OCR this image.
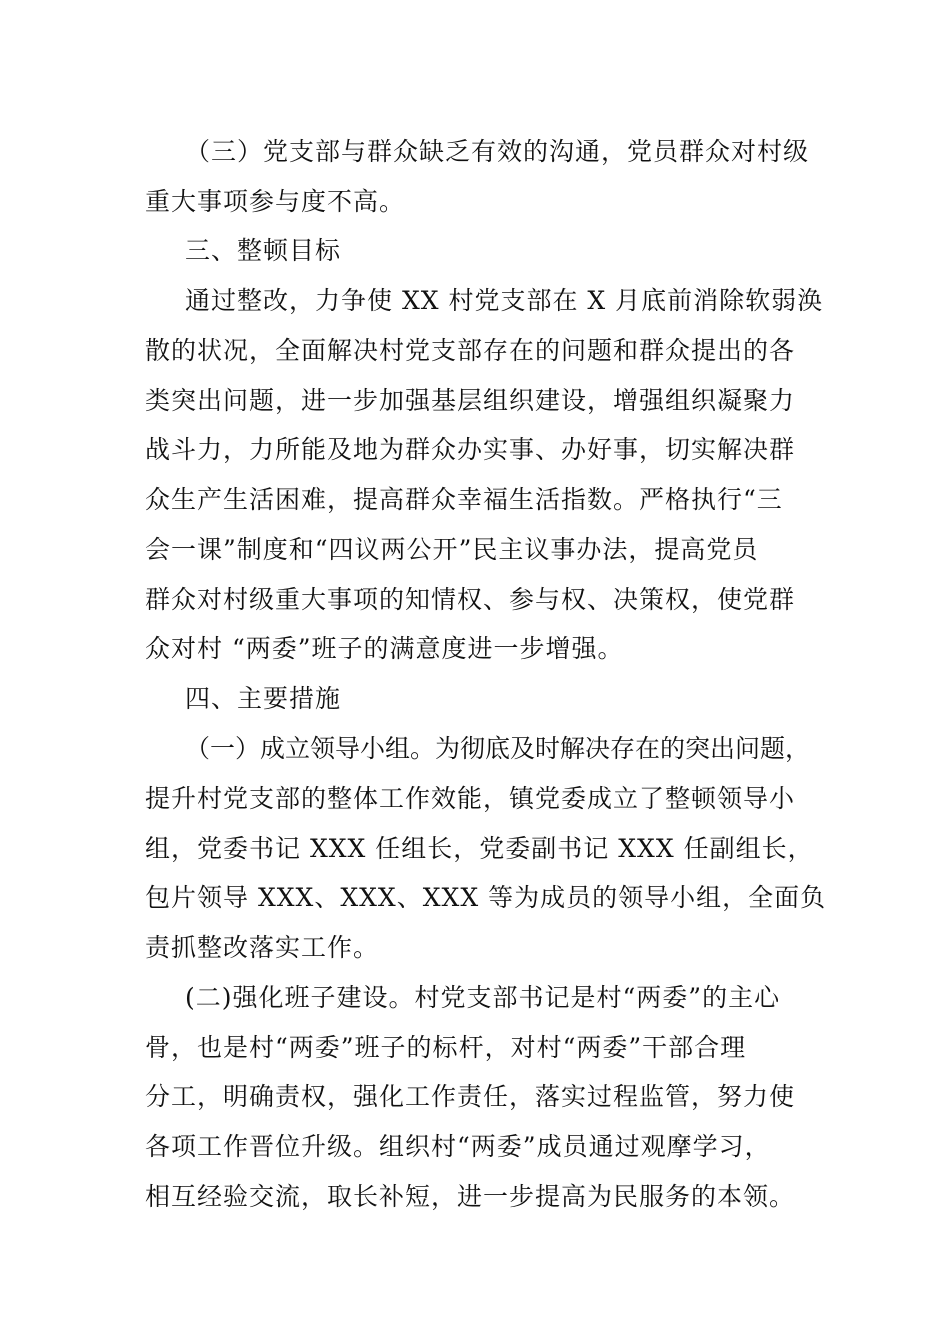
（三）党支部与群众缺乏有效的沟通，党员群众对村级
重大事项参与度不高。
三、整顿目标
通过整改，力争使 XX 村党支部在 X 月底前消除软弱涣
散的状况，全面解决村党支部存在的问题和群众提出的各
类突出问题，进一步加强基层组织建设，增强组织凝聚力
战斗力，力所能及地为群众办实事、办好事，切实解决群
众生产生活困难，提高群众幸福生活指数。严格执行“三
会一课”制度和“四议两公开”民主议事办法，提高党员
群众对村级重大事项的知情权、参与权、决策权，使党群
众对村 “两委”班子的满意度进一步增强。
四、主要措施
（一）成立领导小组。为彻底及时解决存在的突出问题，
提升村党支部的整体工作效能，镇党委成立了整顿领导小
组，党委书记 XXX 任组长，党委副书记 XXX 任副组长，
包片领导 XXX、XXX、XXX 等为成员的领导小组，全面负
责抓整改落实工作。
(二)强化班子建设。村党支部书记是村“两委”的主心
骨，也是村“两委”班子的标杆，对村“两委”干部合理
分工，明确责权，强化工作责任，落实过程监管，努力使
各项工作晋位升级。组织村“两委”成员通过观摩学习，
相互经验交流，取长补短，进一步提高为民服务的本领。
